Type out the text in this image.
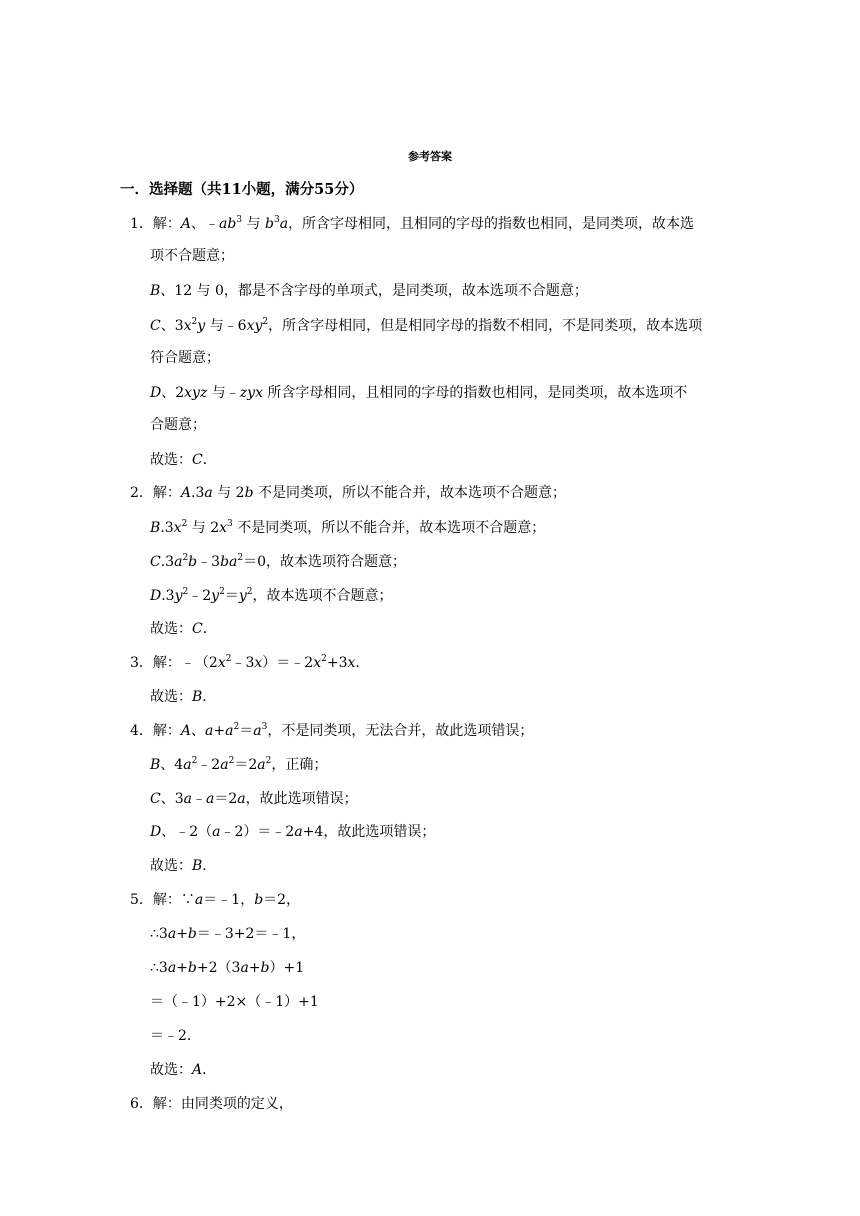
参考答案
一．选择题（共11小题，满分55分）
1．解：A、$﹣ab^3$ 与 $b^3a$，所含字母相同，且相同的字母的指数也相同，是同类项，故本选
项不合题意；
B、12 与 0，都是不含字母的单项式，是同类项，故本选项不合题意；
C、$3x^2y$ 与$﹣6xy^2$，所含字母相同，但是相同字母的指数不相同，不是同类项，故本选项
符合题意；
D、2xyz 与﹣zyx 所含字母相同，且相同的字母的指数也相同，是同类项，故本选项不
合题意；
故选：C．
2．解：A.3a 与 2b 不是同类项，所以不能合并，故本选项不合题意；
$B.3x^2$ 与 $2x^3$ 不是同类项，所以不能合并，故本选项不合题意；
$C.3a^2b﹣3ba^2=0$，故本选项符合题意；
$D.3y^2﹣2y^2=y^2$，故本选项不合题意；
故选：C．
3．解：$﹣(2x^2﹣3x)=﹣2x^2+3x$．
故选：B．
4．解：A、$a+a^2=a^3$，不是同类项，无法合并，故此选项错误；
B、$4a^2﹣2a^2=2a^2$，正确；
C、3a﹣a＝2a，故此选项错误；
D、﹣2（a﹣2）＝﹣2a+4，故此选项错误；
故选：B．
5．解：∵a＝﹣1，b＝2，
∴3a+b＝﹣3+2＝﹣1，
∴3a+b+2（3a+b）+1
＝（﹣1）+2×（﹣1）+1
＝﹣2．
故选：A．
6．解：由同类项的定义，
